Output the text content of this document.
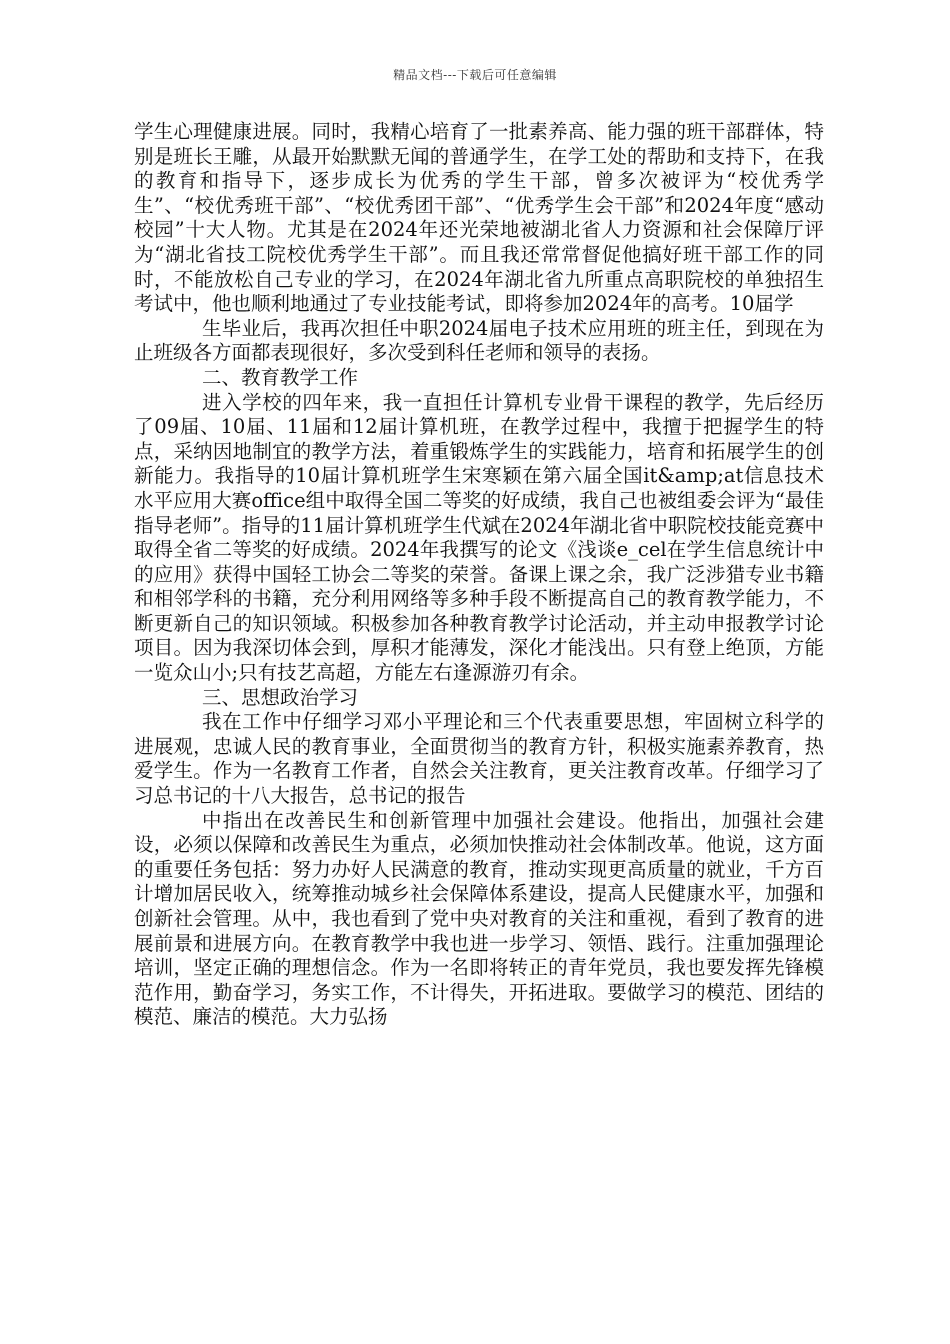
精品文档---下载后可任意编辑

学生心理健康进展。同时，我精心培育了一批素养高、能力强的班干部群体，特别是班长王雕，从最开始默默无闻的普通学生，在学工处的帮助和支持下，在我的教育和指导下，逐步成长为优秀的学生干部，曾多次被评为“校优秀学生”、“校优秀班干部”、“校优秀团干部”、“优秀学生会干部”和2024年度“感动校园”十大人物。尤其是在2024年还光荣地被湖北省人力资源和社会保障厅评为“湖北省技工院校优秀学生干部”。而且我还常常督促他搞好班干部工作的同时，不能放松自己专业的学习，在2024年湖北省九所重点高职院校的单独招生考试中，他也顺利地通过了专业技能考试，即将参加2024年的高考。10届学

生毕业后，我再次担任中职2024届电子技术应用班的班主任，到现在为止班级各方面都表现很好，多次受到科任老师和领导的表扬。

二、教育教学工作

进入学校的四年来，我一直担任计算机专业骨干课程的教学，先后经历了09届、10届、11届和12届计算机班，在教学过程中，我擅于把握学生的特点，采纳因地制宜的教学方法，着重锻炼学生的实践能力，培育和拓展学生的创新能力。我指导的10届计算机班学生宋寒颖在第六届全国it&amp;at信息技术水平应用大赛office组中取得全国二等奖的好成绩，我自己也被组委会评为“最佳指导老师”。指导的11届计算机班学生代斌在2024年湖北省中职院校技能竞赛中取得全省二等奖的好成绩。2024年我撰写的论文《浅谈e_cel在学生信息统计中的应用》获得中国轻工协会二等奖的荣誉。备课上课之余，我广泛涉猎专业书籍和相邻学科的书籍，充分利用网络等多种手段不断提高自己的教育教学能力，不断更新自己的知识领域。积极参加各种教育教学讨论活动，并主动申报教学讨论项目。因为我深切体会到，厚积才能薄发，深化才能浅出。只有登上绝顶，方能一览众山小;只有技艺高超，方能左右逢源游刃有余。

三、思想政治学习

我在工作中仔细学习邓小平理论和三个代表重要思想，牢固树立科学的进展观，忠诚人民的教育事业，全面贯彻当的教育方针，积极实施素养教育，热爱学生。作为一名教育工作者，自然会关注教育，更关注教育改革。仔细学习了习总书记的十八大报告，总书记的报告

中指出在改善民生和创新管理中加强社会建设。他指出，加强社会建设，必须以保障和改善民生为重点，必须加快推动社会体制改革。他说，这方面的重要任务包括：努力办好人民满意的教育，推动实现更高质量的就业，千方百计增加居民收入，统筹推动城乡社会保障体系建设，提高人民健康水平，加强和创新社会管理。从中，我也看到了党中央对教育的关注和重视，看到了教育的进展前景和进展方向。在教育教学中我也进一步学习、领悟、践行。注重加强理论培训，坚定正确的理想信念。作为一名即将转正的青年党员，我也要发挥先锋模范作用，勤奋学习，务实工作，不计得失，开拓进取。要做学习的模范、团结的模范、廉洁的模范。大力弘扬
